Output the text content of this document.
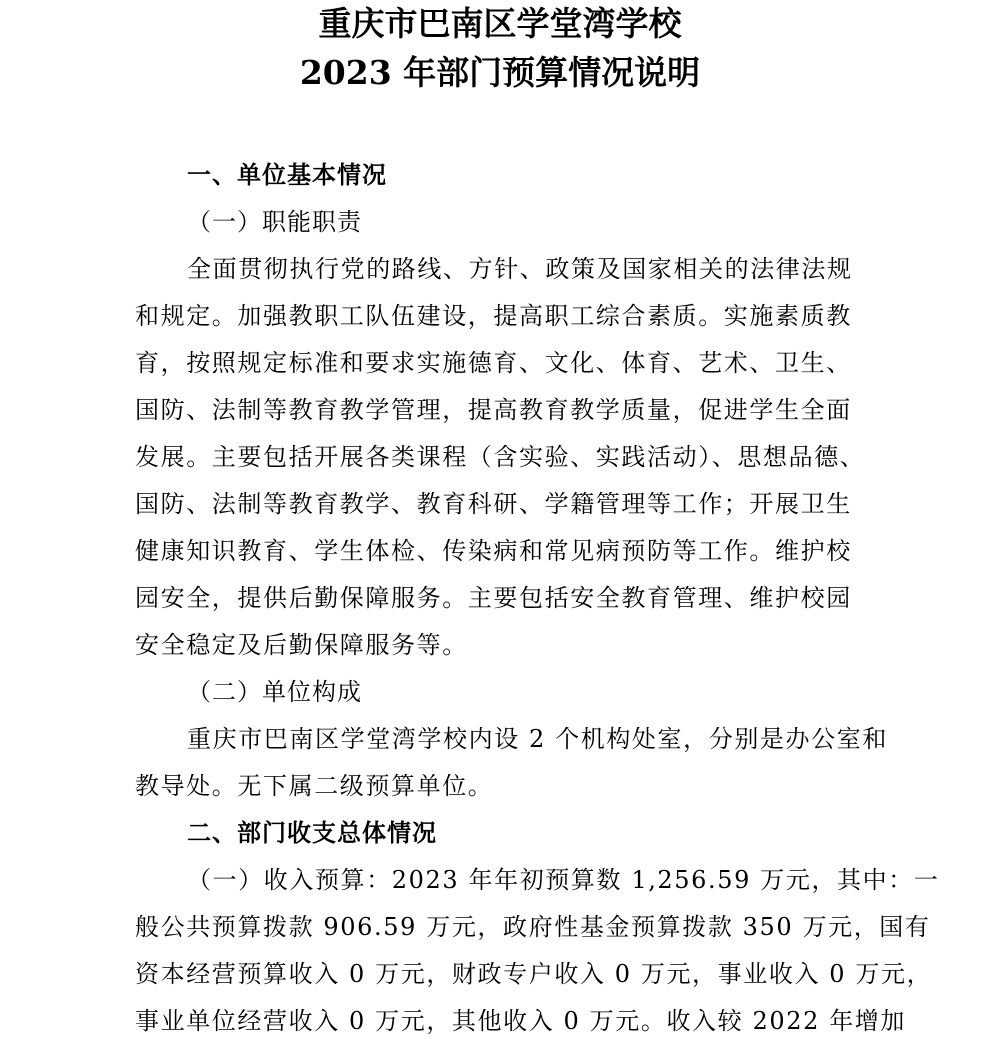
重庆市巴南区学堂湾学校
2023 年部门预算情况说明
一、单位基本情况
（一）职能职责
全面贯彻执行党的路线、方针、政策及国家相关的法律法规
和规定。加强教职工队伍建设，提高职工综合素质。实施素质教
育，按照规定标准和要求实施德育、文化、体育、艺术、卫生、
国防、法制等教育教学管理，提高教育教学质量，促进学生全面
发展。主要包括开展各类课程（含实验、实践活动）、思想品德、
国防、法制等教育教学、教育科研、学籍管理等工作；开展卫生
健康知识教育、学生体检、传染病和常见病预防等工作。维护校
园安全，提供后勤保障服务。主要包括安全教育管理、维护校园
安全稳定及后勤保障服务等。
（二）单位构成
重庆市巴南区学堂湾学校内设 2 个机构处室，分别是办公室和
教导处。无下属二级预算单位。
二、部门收支总体情况
（一）收入预算：2023 年年初预算数 1,256.59 万元，其中：一
般公共预算拨款 906.59 万元，政府性基金预算拨款 350 万元，国有
资本经营预算收入 0 万元，财政专户收入 0 万元，事业收入 0 万元，
事业单位经营收入 0 万元，其他收入 0 万元。收入较 2022 年增加
